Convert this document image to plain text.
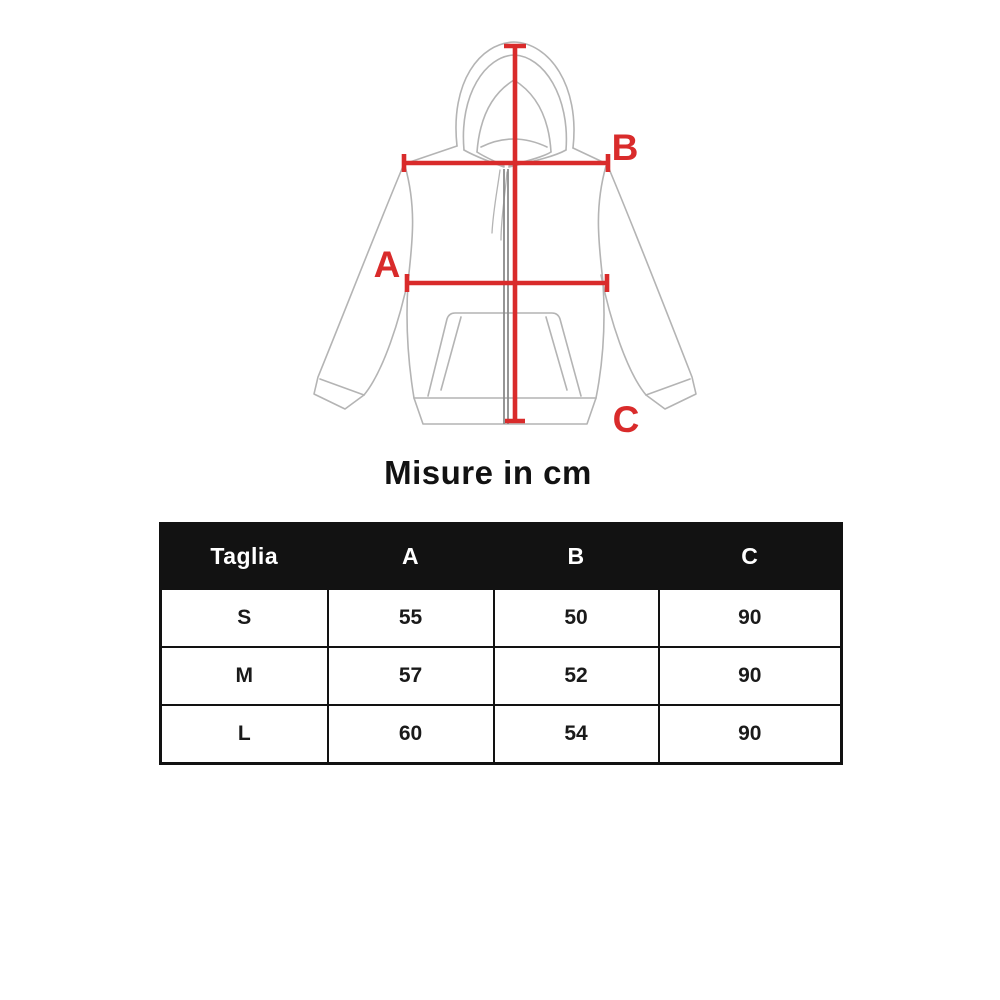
A
B
C
Misure in cm
Taglia	A	B	C
S	55	50	90
M	57	52	90
L	60	54	90
